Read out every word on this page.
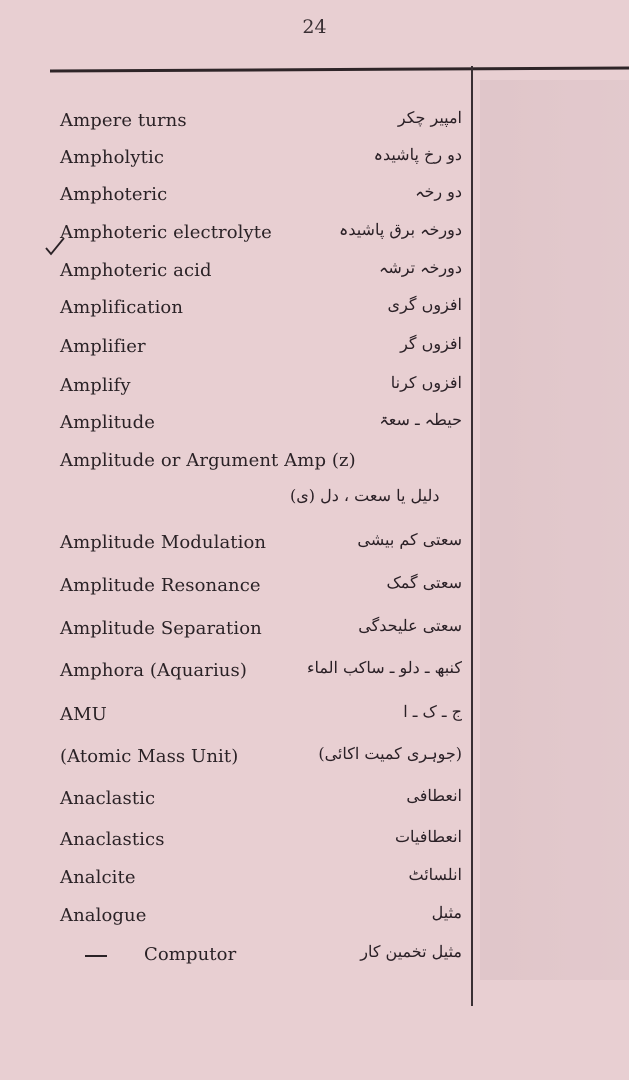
24
Ampere turns	امپیر چکر
Ampholytic	دو رخ پاشیدہ
Amphoteric	دو رخہ
Amphoteric electrolyte	دورخہ برق پاشیدہ
Amphoteric acid	دورخہ ترشہ
Amplification	افزوں گری
Amplifier	افزوں گر
Amplify	افزوں کرنا
Amplitude	حیطہ ـ سعۃ
Amplitude or Argument Amp (z)
دلیل یا سعت ، دل (ی)
Amplitude Modulation	سعتی کم بیشی
Amplitude Resonance	سعتی گمک
Amplitude Separation	سعتی علیحدگی
Amphora (Aquarius)	کنبھ ـ دلو ـ ساکب الماء
AMU	ج ـ ک ـ ا
(Atomic Mass Unit)	(جوہری کمیت اکائی)
Anaclastic	انعطافی
Anaclastics	انعطافیات
Analcite	انلسائٹ
Analogue	مثیل
Computor	مثیل تخمین کار
